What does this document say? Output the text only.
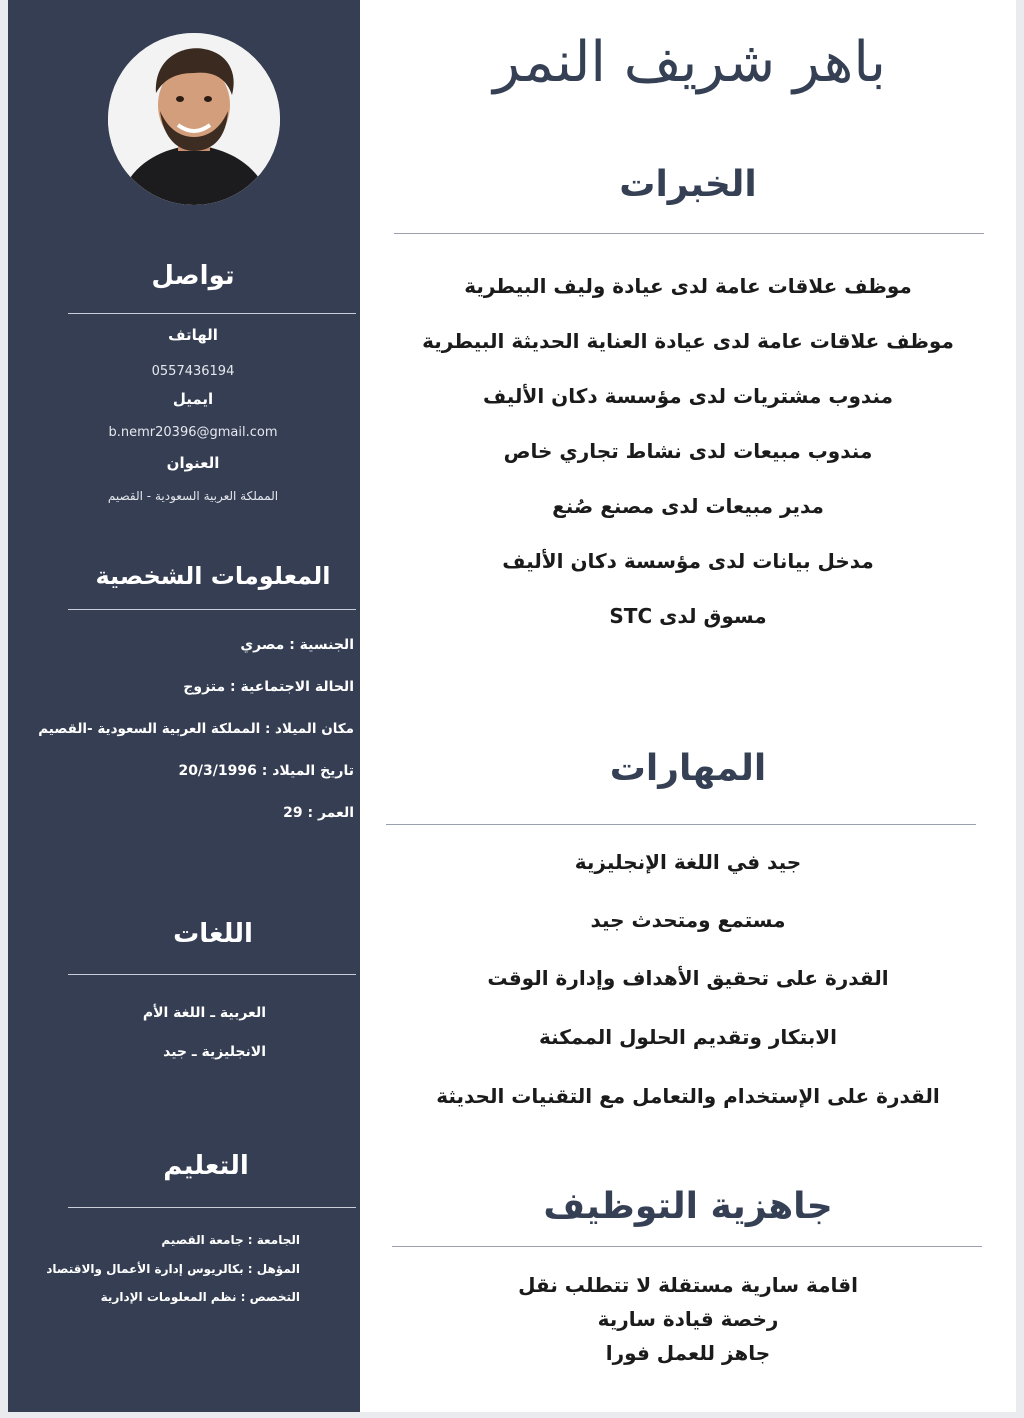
تواصل
الهاتف
0557436194
ايميل
b.nemr20396@gmail.com
العنوان
المملكة العربية السعودية - القصيم
المعلومات الشخصية
الجنسية : مصري
الحالة الاجتماعية : متزوج
مكان الميلاد : المملكة العربية السعودية -القصيم
تاريخ الميلاد : 20/3/1996
العمر : 29
اللغات
العربية ـ اللغة الأم
الانجليزية ـ جيد
التعليم
الجامعة : جامعة القصيم
المؤهل : بكالريوس إدارة الأعمال والاقتصاد
التخصص : نظم المعلومات الإدارية
باهر شريف النمر
الخبرات
موظف علاقات عامة لدى عيادة وليف البيطرية
موظف علاقات عامة لدى عيادة العناية الحديثة البيطرية
مندوب مشتريات لدى مؤسسة دكان الأليف
مندوب مبيعات لدى نشاط تجاري خاص
مدير مبيعات لدى مصنع صُنع
مدخل بيانات لدى مؤسسة دكان الأليف
مسوق لدى STC
المهارات
جيد في اللغة الإنجليزية
مستمع ومتحدث جيد
القدرة على تحقيق الأهداف وإدارة الوقت
الابتكار وتقديم الحلول الممكنة
القدرة على الإستخدام والتعامل مع التقنيات الحديثة
جاهزية التوظيف
اقامة سارية مستقلة لا تتطلب نقل
رخصة قيادة سارية
جاهز للعمل فورا
